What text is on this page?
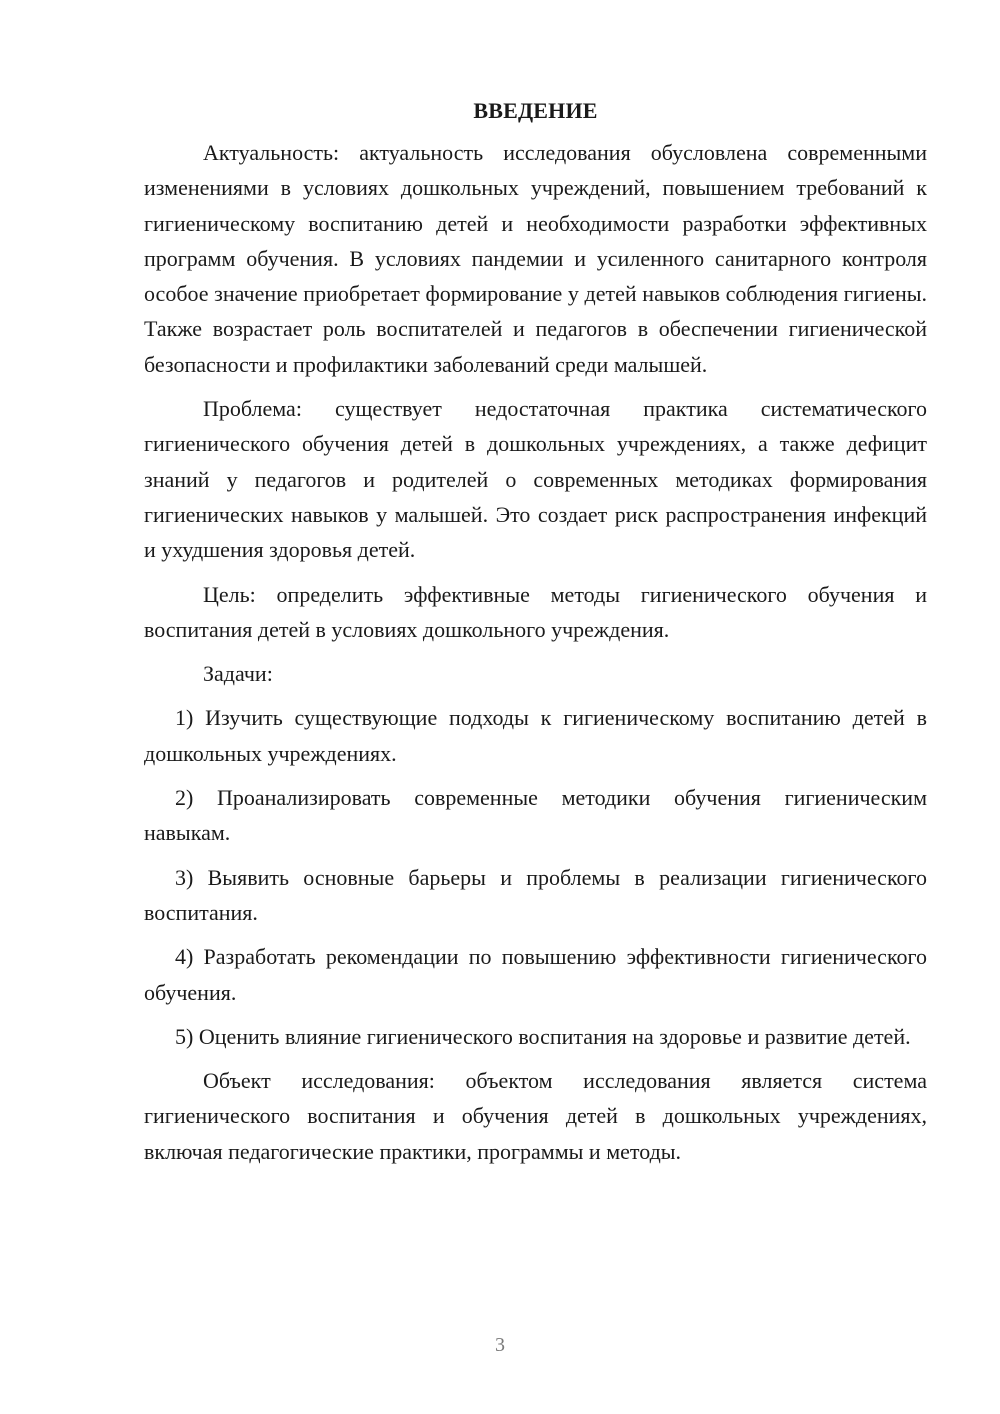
ВВЕДЕНИЕ

Актуальность: актуальность исследования обусловлена современными изменениями в условиях дошкольных учреждений, повышением требований к гигиеническому воспитанию детей и необходимости разработки эффективных программ обучения. В условиях пандемии и усиленного санитарного контроля особое значение приобретает формирование у детей навыков соблюдения гигиены. Также возрастает роль воспитателей и педагогов в обеспечении гигиенической безопасности и профилактики заболеваний среди малышей.

Проблема: существует недостаточная практика систематического гигиенического обучения детей в дошкольных учреждениях, а также дефицит знаний у педагогов и родителей о современных методиках формирования гигиенических навыков у малышей. Это создает риск распространения инфекций и ухудшения здоровья детей.

Цель: определить эффективные методы гигиенического обучения и воспитания детей в условиях дошкольного учреждения.

Задачи:

1) Изучить существующие подходы к гигиеническому воспитанию детей в дошкольных учреждениях.

2) Проанализировать современные методики обучения гигиеническим навыкам.

3) Выявить основные барьеры и проблемы в реализации гигиенического воспитания.

4) Разработать рекомендации по повышению эффективности гигиенического обучения.

5) Оценить влияние гигиенического воспитания на здоровье и развитие детей.

Объект исследования: объектом исследования является система гигиенического воспитания и обучения детей в дошкольных учреждениях, включая педагогические практики, программы и методы.

3
